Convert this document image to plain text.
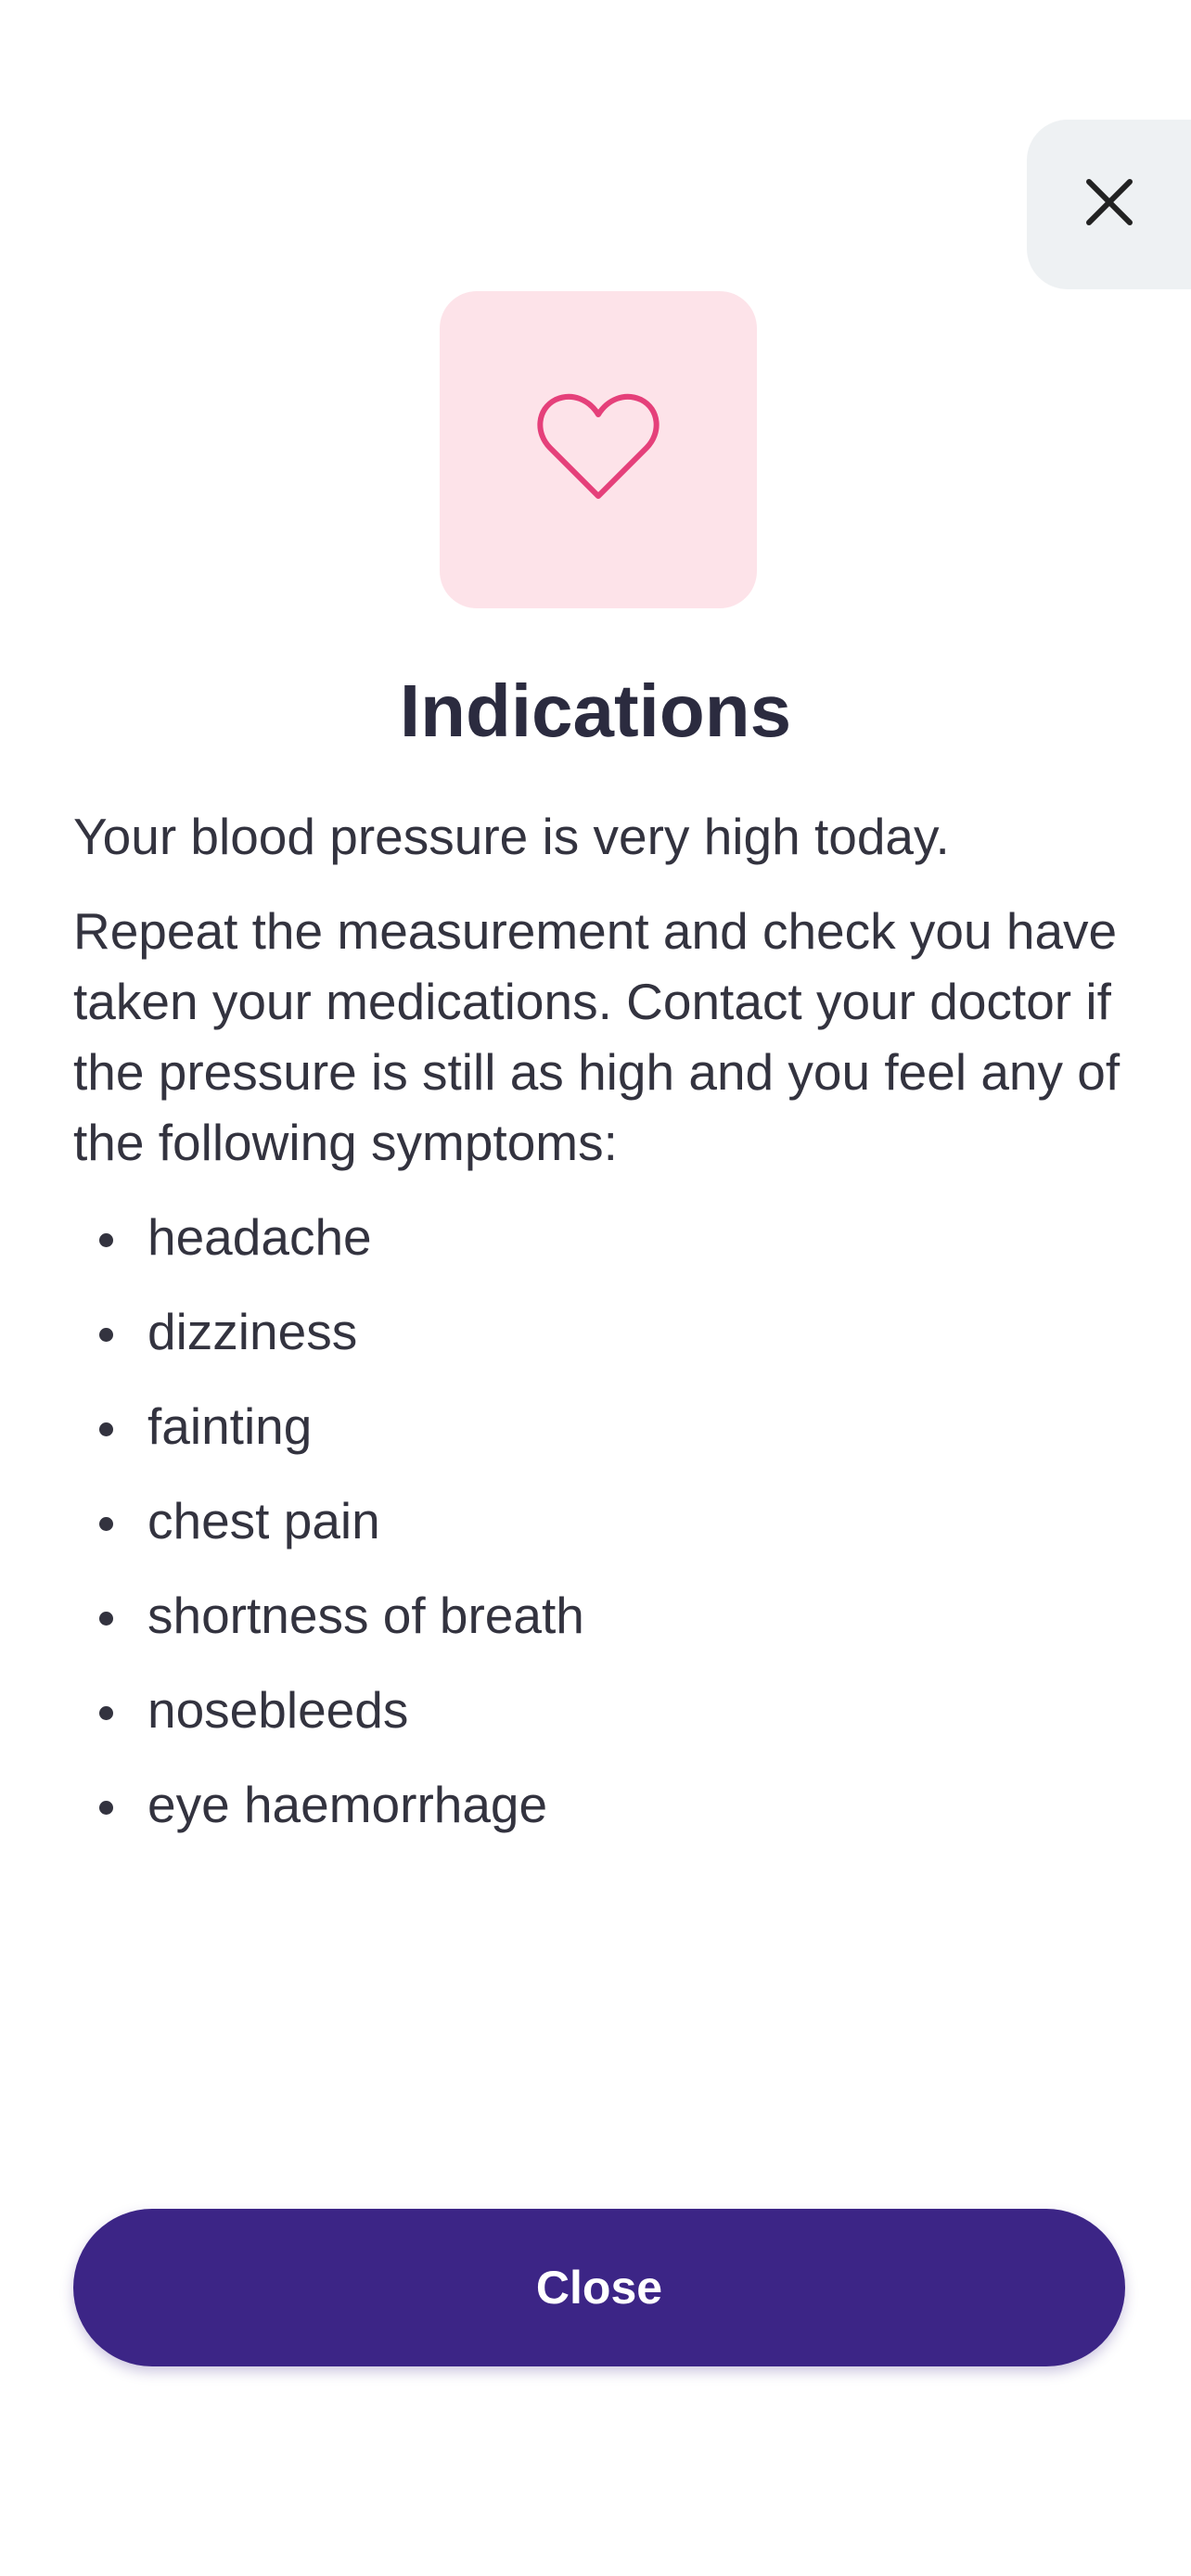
Indications

Your blood pressure is very high today.

Repeat the measurement and check you have taken your medications. Contact your doctor if the pressure is still as high and you feel any of the following symptoms:

headache
dizziness
fainting
chest pain
shortness of breath
nosebleeds
eye haemorrhage
Close
